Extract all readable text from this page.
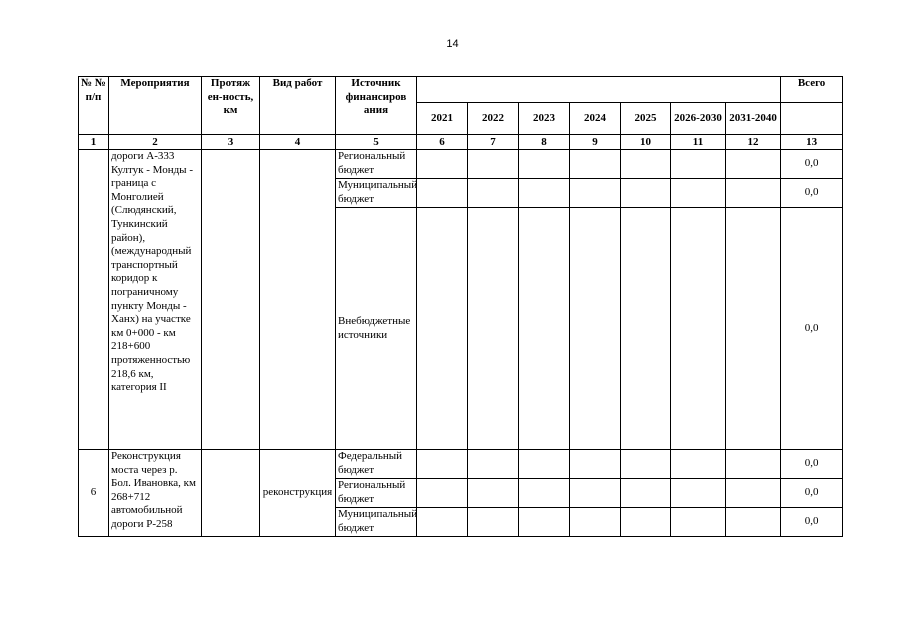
14
№ № п/п	Мероприятия	Протяж ен-ность, км	Вид работ	Источник финансиров ания								Всего
					2021	2022	2023	2024	2025	2026-2030	2031-2040	
1	2	3	4	5	6	7	8	9	10	11	12	13
	дороги А-333 Култук - Монды - граница с Монголией (Слюдянский, Тункинский район), (международный транспортный коридор к пограничному пункту Монды - Ханх) на участке км 0+000 - км 218+600 протяженностью 218,6 км, категория II			Региональный бюджет								0,0
				Муниципальный бюджет								0,0
				Внебюджетные источники								0,0
6	Реконструкция моста через р. Бол. Ивановка, км 268+712 автомобильной дороги Р-258		реконструкция	Федеральный бюджет								0,0
				Региональный бюджет								0,0
				Муниципальный бюджет								0,0
